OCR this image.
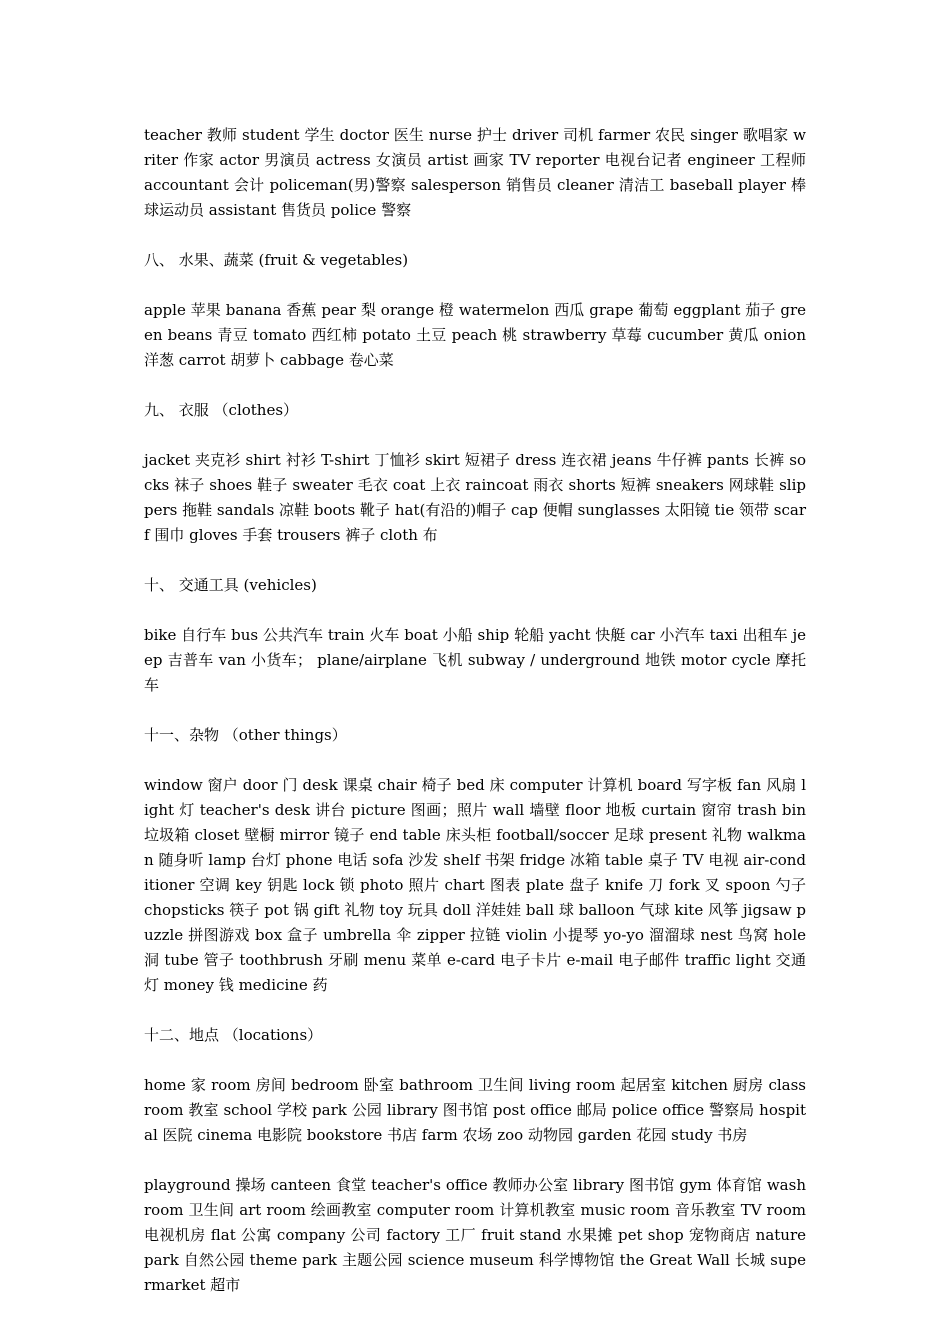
teacher 教师 student 学生 doctor 医生 nurse 护士 driver 司机 farmer 农民 singer 歌唱家 writer 作家 actor 男演员 actress 女演员 artist 画家 TV reporter 电视台记者 engineer 工程师 accountant 会计 policeman(男)警察 salesperson 销售员 cleaner 清洁工 baseball player 棒球运动员 assistant 售货员 police 警察

八、 水果、蔬菜 (fruit & vegetables)

apple 苹果 banana 香蕉 pear 梨 orange 橙 watermelon 西瓜 grape 葡萄 eggplant 茄子 green beans 青豆 tomato 西红柿 potato 土豆 peach 桃 strawberry 草莓 cucumber 黄瓜 onion 洋葱 carrot 胡萝卜 cabbage 卷心菜

九、 衣服 （clothes）

jacket 夹克衫 shirt 衬衫 T-shirt 丁恤衫 skirt 短裙子 dress 连衣裙 jeans 牛仔裤 pants 长裤 socks 袜子 shoes 鞋子 sweater 毛衣 coat 上衣 raincoat 雨衣 shorts 短裤 sneakers 网球鞋 slippers 拖鞋 sandals 凉鞋 boots 靴子 hat(有沿的)帽子 cap 便帽 sunglasses 太阳镜 tie 领带 scarf 围巾 gloves 手套 trousers 裤子 cloth 布

十、 交通工具 (vehicles)

bike 自行车 bus 公共汽车 train 火车 boat 小船 ship 轮船 yacht 快艇 car 小汽车 taxi 出租车 jeep 吉普车 van 小货车； plane/airplane 飞机 subway / underground 地铁 motor cycle 摩托车

十一、杂物 （other things）

window 窗户 door 门 desk 课桌 chair 椅子 bed 床 computer 计算机 board 写字板 fan 风扇 light 灯 teacher's desk 讲台 picture 图画；照片 wall 墙壁 floor 地板 curtain 窗帘 trash bin 垃圾箱 closet 壁橱 mirror 镜子 end table 床头柜 football/soccer 足球 present 礼物 walkman 随身听 lamp 台灯 phone 电话 sofa 沙发 shelf 书架 fridge 冰箱 table 桌子 TV 电视 air-conditioner 空调 key 钥匙 lock 锁 photo 照片 chart 图表 plate 盘子 knife 刀 fork 叉 spoon 勺子 chopsticks 筷子 pot 锅 gift 礼物 toy 玩具 doll 洋娃娃 ball 球 balloon 气球 kite 风筝 jigsaw puzzle 拼图游戏 box 盒子 umbrella 伞 zipper 拉链 violin 小提琴 yo-yo 溜溜球 nest 鸟窝 hole 洞 tube 管子 toothbrush 牙刷 menu 菜单 e-card 电子卡片 e-mail 电子邮件 traffic light 交通灯 money 钱 medicine 药

十二、地点 （locations）

home 家 room 房间 bedroom 卧室 bathroom 卫生间 living room 起居室 kitchen 厨房 classroom 教室 school 学校 park 公园 library 图书馆 post office 邮局 police office 警察局 hospital 医院 cinema 电影院 bookstore 书店 farm 农场 zoo 动物园 garden 花园 study 书房

playground 操场 canteen 食堂 teacher's office 教师办公室 library 图书馆 gym 体育馆 washroom 卫生间 art room 绘画教室 computer room 计算机教室 music room 音乐教室 TV room 电视机房 flat 公寓 company 公司 factory 工厂 fruit stand 水果摊 pet shop 宠物商店 nature park 自然公园 theme park 主题公园 science museum 科学博物馆 the Great Wall 长城 supermarket 超市
